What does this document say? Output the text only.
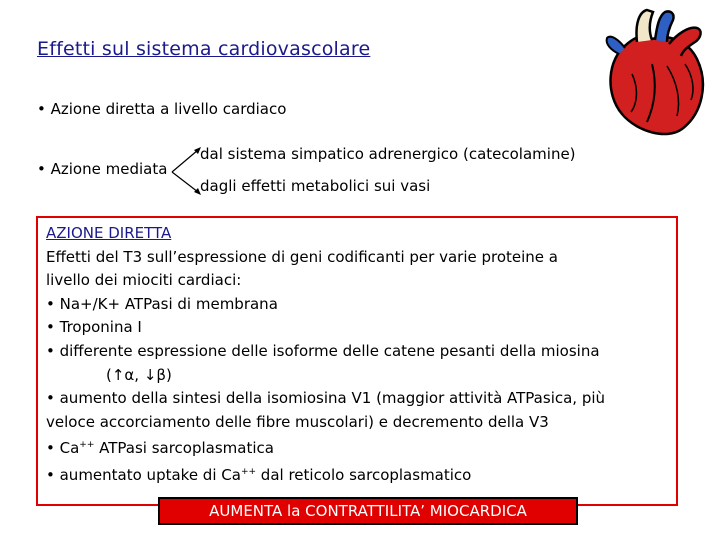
Effetti sul sistema cardiovascolare
• Azione diretta a livello cardiaco
• Azione mediata
dal sistema simpatico adrenergico (catecolamine)
dagli effetti metabolici sui vasi
AZIONE DIRETTA
Effetti del T3 sull’espressione di geni codificanti per varie proteine a
livello dei miociti cardiaci:
• Na+/K+ ATPasi di membrana
• Troponina I
• differente espressione delle isoforme delle catene pesanti della miosina
(↑α, ↓β)
• aumento della sintesi della isomiosina V1 (maggior attività ATPasica, più
veloce accorciamento delle fibre muscolari) e decremento della V3
• Ca++ ATPasi sarcoplasmatica
• aumentato uptake di Ca++ dal reticolo sarcoplasmatico
AUMENTA la CONTRATTILITA’ MIOCARDICA
